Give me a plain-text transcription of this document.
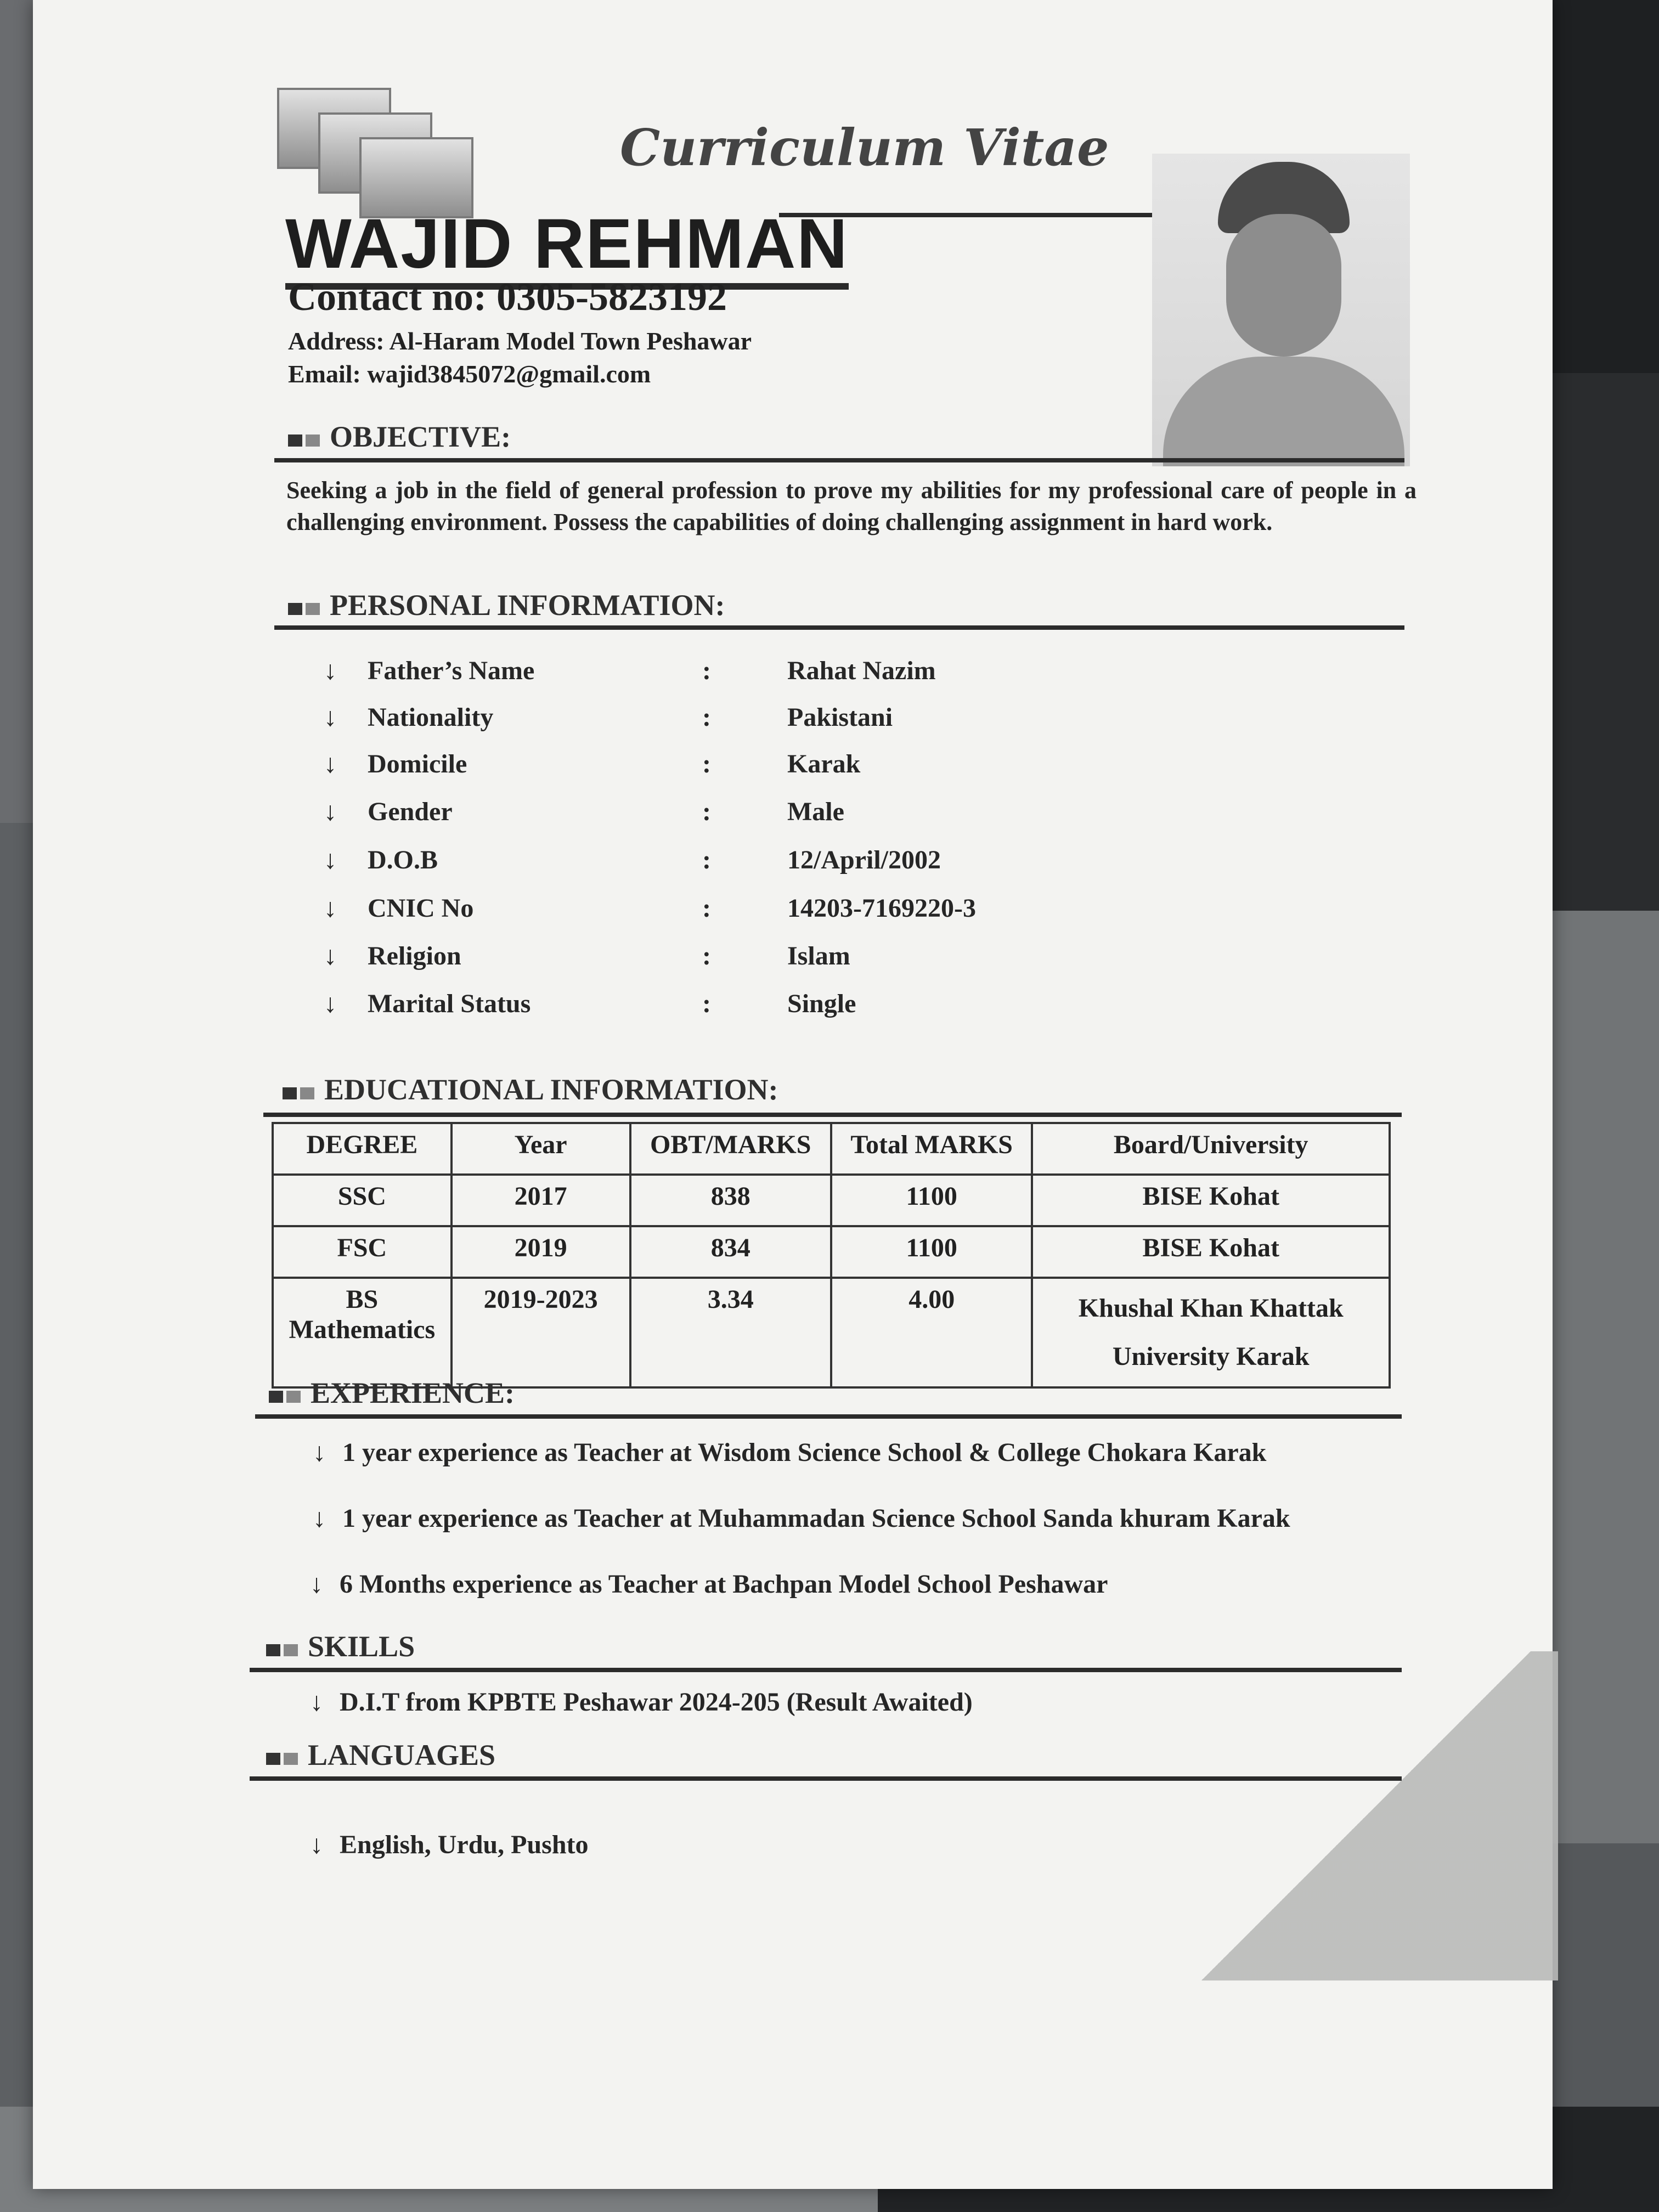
Curriculum Vitae
WAJID REHMAN
Contact no: 0305-5823192
Address: Al-Haram Model Town Peshawar
Email: wajid3845072@gmail.com
OBJECTIVE:
Seeking a job in the field of general profession to prove my abilities for my professional care of people in a challenging environment. Possess the capabilities of doing challenging assignment in hard work.
PERSONAL INFORMATION:
↓ Father’s Name	:	Rahat Nazim
↓ Nationality	:	Pakistani
↓ Domicile	:	Karak
↓ Gender	:	Male
↓ D.O.B	:	12/April/2002
↓ CNIC No	:	14203-7169220-3
↓ Religion	:	Islam
↓ Marital Status	:	Single
EDUCATIONAL INFORMATION:
DEGREE	Year	OBT/MARKS	Total MARKS	Board/University
SSC	2017	838	1100	BISE Kohat
FSC	2019	834	1100	BISE Kohat
BS Mathematics	2019-2023	3.34	4.00	Khushal Khan Khattak University Karak
EXPERIENCE:
↓ 1 year experience as Teacher at Wisdom Science School & College Chokara Karak
↓ 1 year experience as Teacher at Muhammadan Science School Sanda khuram Karak
↓ 6 Months experience as Teacher at Bachpan Model School Peshawar
SKILLS
↓ D.I.T from KPBTE Peshawar 2024-205 (Result Awaited)
LANGUAGES
↓ English, Urdu, Pushto
